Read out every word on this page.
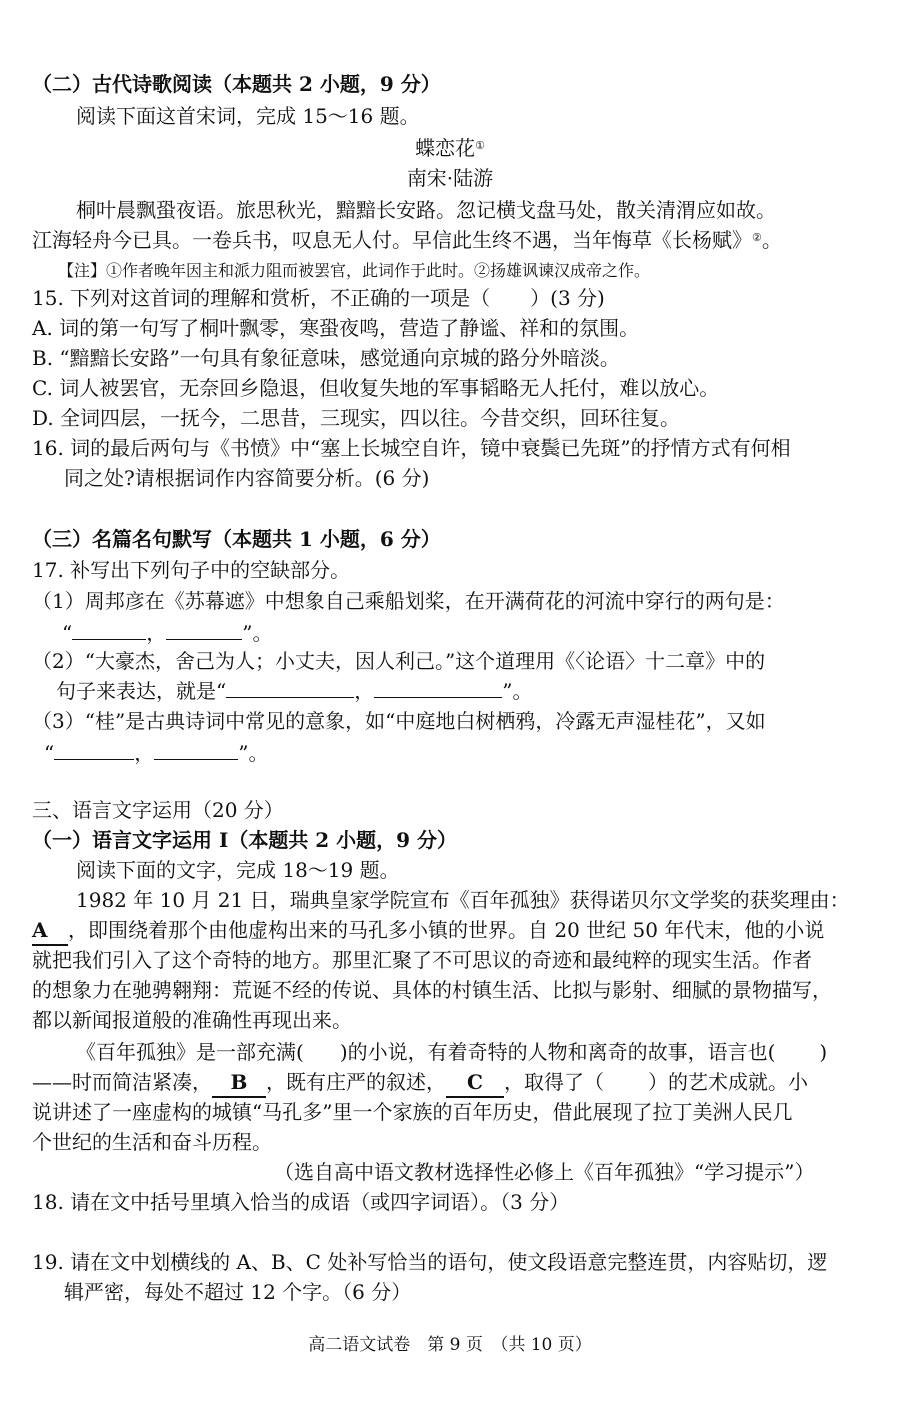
（二）古代诗歌阅读（本题共 2 小题，9 分）
阅读下面这首宋词，完成 15～16 题。
蝶恋花①
南宋·陆游
桐叶晨飘蛩夜语。旅思秋光，黯黯长安路。忽记横戈盘马处，散关清渭应如故。
江海轻舟今已具。一卷兵书，叹息无人付。早信此生终不遇，当年悔草《长杨赋》②。
【注】①作者晚年因主和派力阻而被罢官，此词作于此时。②扬雄讽谏汉成帝之作。
15. 下列对这首词的理解和赏析，不正确的一项是（　　）(3 分)
A. 词的第一句写了桐叶飘零，寒蛩夜鸣，营造了静谧、祥和的氛围。
B. “黯黯长安路”一句具有象征意味，感觉通向京城的路分外暗淡。
C. 词人被罢官，无奈回乡隐退，但收复失地的军事韬略无人托付，难以放心。
D. 全词四层，一抚今，二思昔，三现实，四以往。今昔交织，回环往复。
16. 词的最后两句与《书愤》中“塞上长城空自许，镜中衰鬓已先斑”的抒情方式有何相
同之处?请根据词作内容简要分析。(6 分)
（三）名篇名句默写（本题共 1 小题，6 分）
17. 补写出下列句子中的空缺部分。
（1）周邦彦在《苏幕遮》中想象自己乘船划桨，在开满荷花的河流中穿行的两句是：
“	，	”。
（2）“大豪杰，舍己为人；小丈夫，因人利己。”这个道理用《〈论语〉十二章》中的
句子来表达，就是“	，	”。
（3）“桂”是古典诗词中常见的意象，如“中庭地白树栖鸦，冷露无声湿桂花”，又如
“	，	”。
三、语言文字运用（20 分）
（一）语言文字运用 I（本题共 2 小题，9 分）
阅读下面的文字，完成 18～19 题。
1982 年 10 月 21 日，瑞典皇家学院宣布《百年孤独》获得诺贝尔文学奖的获奖理由：
A ，即围绕着那个由他虚构出来的马孔多小镇的世界。自 20 世纪 50 年代末，他的小说
就把我们引入了这个奇特的地方。那里汇聚了不可思议的奇迹和最纯粹的现实生活。作者
的想象力在驰骋翱翔：荒诞不经的传说、具体的村镇生活、比拟与影射、细腻的景物描写，
都以新闻报道般的准确性再现出来。
《百年孤独》是一部充满( )的小说，有着奇特的人物和离奇的故事，语言也( )
——时而简洁紧凑， B ，既有庄严的叙述， C ，取得了（ ）的艺术成就。小
说讲述了一座虚构的城镇“马孔多”里一个家族的百年历史，借此展现了拉丁美洲人民几
个世纪的生活和奋斗历程。
（选自高中语文教材选择性必修上《百年孤独》“学习提示”）
18. 请在文中括号里填入恰当的成语（或四字词语）。（3 分）
19. 请在文中划横线的 A、B、C 处补写恰当的语句，使文段语意完整连贯，内容贴切，逻
辑严密，每处不超过 12 个字。（6 分）
高二语文试卷　第 9 页　（共 10 页）
